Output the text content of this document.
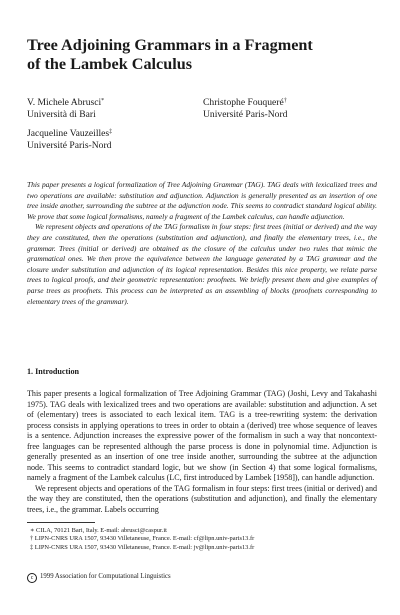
Tree Adjoining Grammars in a Fragment
of the Lambek Calculus
V. Michele Abrusci*
Università di Bari
Christophe Fouqueré†
Université Paris-Nord
Jacqueline Vauzeilles‡
Université Paris-Nord

This paper presents a logical formalization of Tree Adjoining Grammar (TAG). TAG deals with lexicalized trees and two operations are available: substitution and adjunction. Adjunction is generally presented as an insertion of one tree inside another, surrounding the subtree at the adjunction node. This seems to contradict standard logical ability. We prove that some logical formalisms, namely a fragment of the Lambek calculus, can handle adjunction.

We represent objects and operations of the TAG formalism in four steps: first trees (initial or derived) and the way they are constituted, then the operations (substitution and adjunction), and finally the elementary trees, i.e., the grammar. Trees (initial or derived) are obtained as the closure of the calculus under two rules that mimic the grammatical ones. We then prove the equivalence between the language generated by a TAG grammar and the closure under substitution and adjunction of its logical representation. Besides this nice property, we relate parse trees to logical proofs, and their geometric representation: proofnets. We briefly present them and give examples of parse trees as proofnets. This process can be interpreted as an assembling of blocks (proofnets corresponding to elementary trees of the grammar).

1. Introduction

This paper presents a logical formalization of Tree Adjoining Grammar (TAG) (Joshi, Levy and Takahashi 1975). TAG deals with lexicalized trees and two operations are available: substitution and adjunction. A set of (elementary) trees is associated to each lexical item. TAG is a tree-rewriting system: the derivation process consists in applying operations to trees in order to obtain a (derived) tree whose sequence of leaves is a sentence. Adjunction increases the expressive power of the formalism in such a way that noncontext-free languages can be represented although the parse process is done in polynomial time. Adjunction is generally presented as an insertion of one tree inside another, surrounding the subtree at the adjunction node. This seems to contradict standard logic, but we show (in Section 4) that some logical formalisms, namely a fragment of the Lambek calculus (LC, first introduced by Lambek [1958]), can handle adjunction.

We represent objects and operations of the TAG formalism in four steps: first trees (initial or derived) and the way they are constituted, then the operations (substitution and adjunction), and finally the elementary trees, i.e., the grammar. Labels occurring

∗ CILA, 70121 Bari, Italy. E-mail: abrusci@caspur.it
† LIPN-CNRS URA 1507, 93430 Villetaneuse, France. E-mail: cf@lipn.univ-paris13.fr
‡ LIPN-CNRS URA 1507, 93430 Villetaneuse, France. E-mail: jv@lipn.univ-paris13.fr
c 1999 Association for Computational Linguistics
